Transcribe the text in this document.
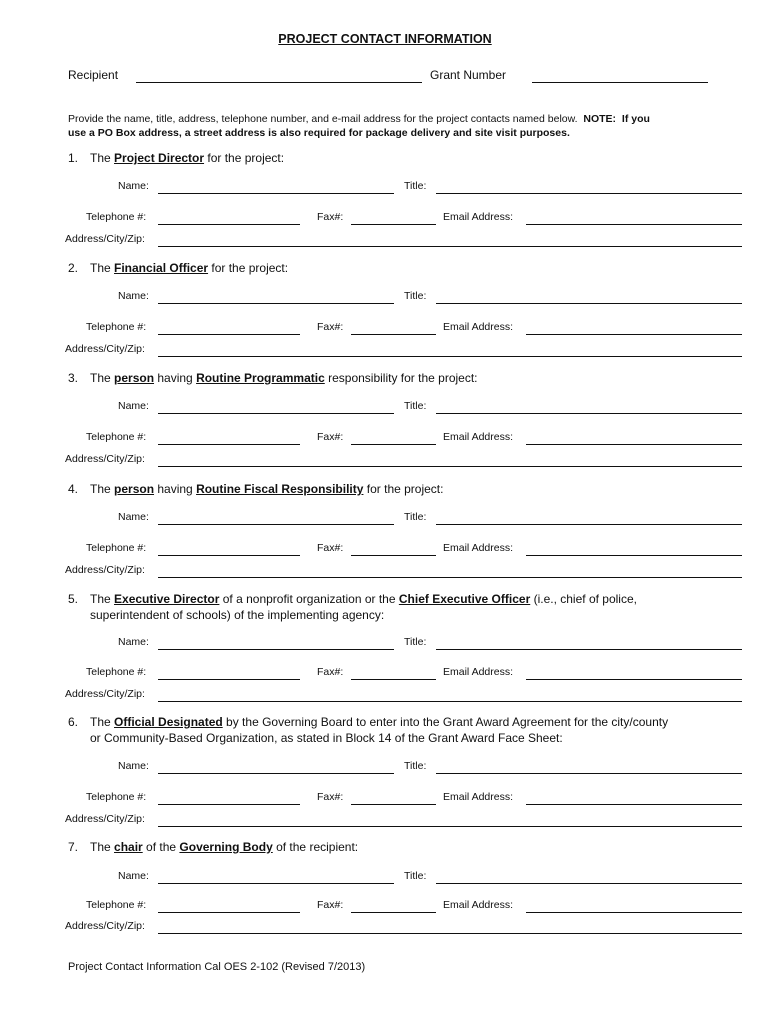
PROJECT CONTACT INFORMATION
Recipient	Grant Number
Provide the name, title, address, telephone number, and e-mail address for the project contacts named below. NOTE: If you
use a PO Box address, a street address is also required for package delivery and site visit purposes.
1. The Project Director for the project:
Name:	Title:
Telephone #:	Fax#:	Email Address:
Address/City/Zip:
2. The Financial Officer for the project:
Name:	Title:
Telephone #:	Fax#:	Email Address:
Address/City/Zip:
3. The person having Routine Programmatic responsibility for the project:
Name:	Title:
Telephone #:	Fax#:	Email Address:
Address/City/Zip:
4. The person having Routine Fiscal Responsibility for the project:
Name:	Title:
Telephone #:	Fax#:	Email Address:
Address/City/Zip:
5. The Executive Director of a nonprofit organization or the Chief Executive Officer (i.e., chief of police,
superintendent of schools) of the implementing agency:
Name:	Title:
Telephone #:	Fax#:	Email Address:
Address/City/Zip:
6. The Official Designated by the Governing Board to enter into the Grant Award Agreement for the city/county
or Community-Based Organization, as stated in Block 14 of the Grant Award Face Sheet:
Name:	Title:
Telephone #:	Fax#:	Email Address:
Address/City/Zip:
7. The chair of the Governing Body of the recipient:
Name:	Title:
Telephone #:	Fax#:	Email Address:
Address/City/Zip:
Project Contact Information Cal OES 2-102 (Revised 7/2013)
